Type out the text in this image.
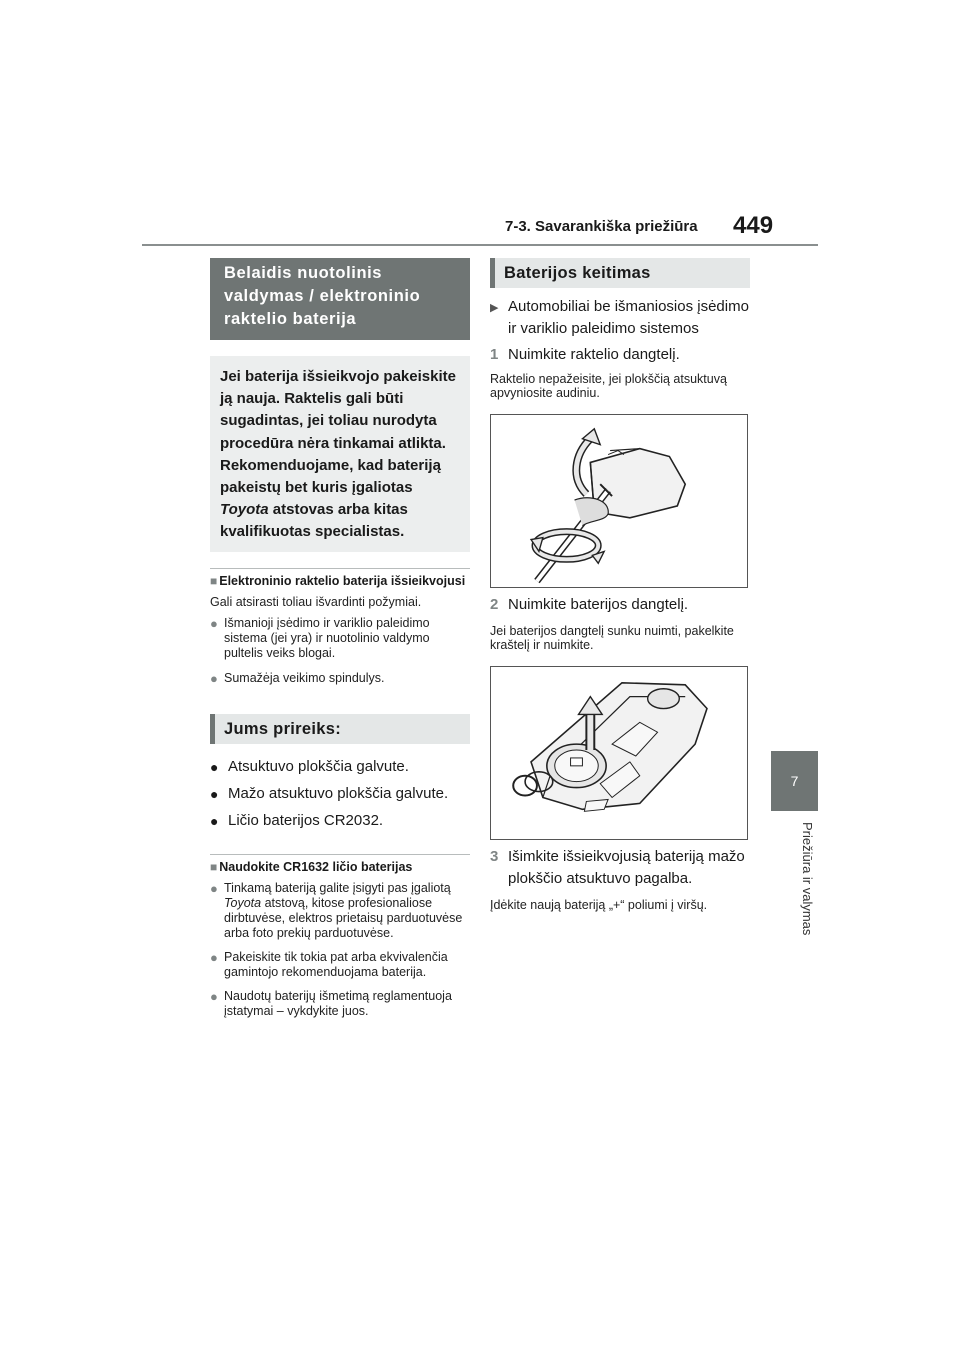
7-3. Savarankiška priežiūra 449
7
Priežiūra ir valymas
Belaidis nuotolinis valdymas / elektroninio raktelio baterija
Jei baterija išsieikvojo pakeiskite ją nauja. Raktelis gali būti sugadintas, jei toliau nurodyta procedūra nėra tinkamai atlikta. Rekomenduojame, kad bateriją pakeistų bet kuris įgaliotas Toyota atstovas arba kitas kvalifikuotas specialistas.
■ Elektroninio raktelio baterija išsieikvojusi

Gali atsirasti toliau išvardinti požymiai.

● Išmanioji įsėdimo ir variklio paleidimo sistema (jei yra) ir nuotolinio valdymo pultelis veiks blogai.
● Sumažėja veikimo spindulys.
Jums prireiks:
● Atsuktuvo plokščia galvute.
● Mažo atsuktuvo plokščia galvute.
● Ličio baterijos CR2032.
■ Naudokite CR1632 ličio baterijas
● Tinkamą bateriją galite įsigyti pas įgaliotą Toyota atstovą, kitose profesionaliose dirbtuvėse, elektros prietaisų parduotuvėse arba foto prekių parduotuvėse.
● Pakeiskite tik tokia pat arba ekvivalenčia gamintojo rekomenduojama baterija.
● Naudotų baterijų išmetimą reglamentuoja įstatymai – vykdykite juos.
Baterijos keitimas
▶ Automobiliai be išmaniosios įsėdimo ir variklio paleidimo sistemos
1 Nuimkite raktelio dangtelį.

Raktelio nepažeisite, jei plokščią atsuktuvą apvyniosite audiniu.

2 Nuimkite baterijos dangtelį.

Jei baterijos dangtelį sunku nuimti, pakelkite kraštelį ir nuimkite.

3 Išimkite išsieikvojusią bateriją mažo plokščio atsuktuvo pagalba.

Įdėkite naują bateriją „+“ poliumi į viršų.
